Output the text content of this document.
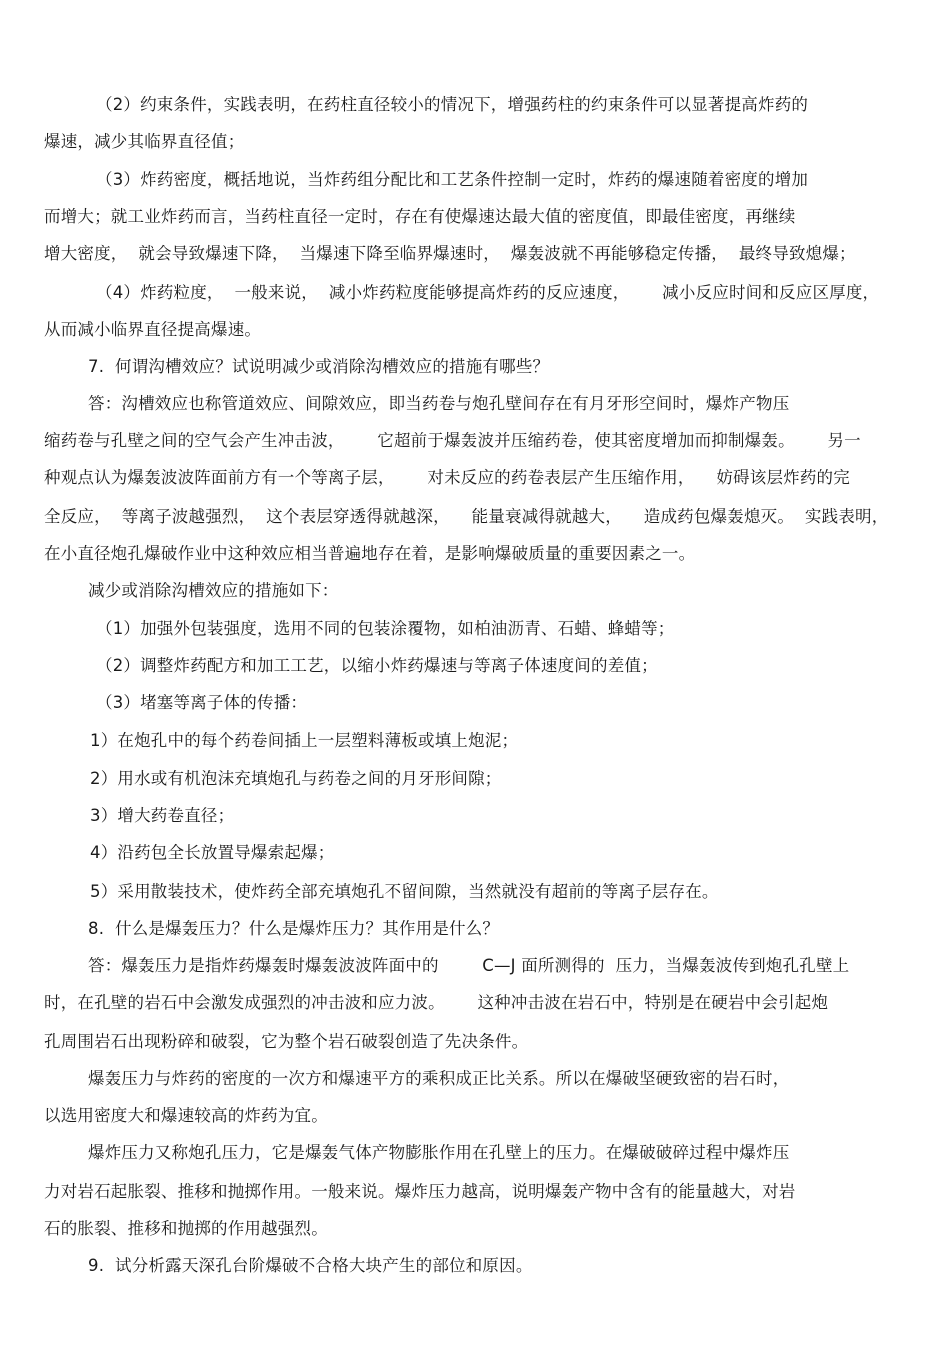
（2）约束条件，实践表明，在药柱直径较小的情况下，增强药柱的约束条件可以显著提高炸药的
爆速，减少其临界直径值；
（3）炸药密度，概括地说，当炸药组分配比和工艺条件控制一定时，炸药的爆速随着密度的增加
而增大；就工业炸药而言，当药柱直径一定时，存在有使爆速达最大值的密度值，即最佳密度，再继续
增大密度，  就会导致爆速下降，  当爆速下降至临界爆速时，  爆轰波就不再能够稳定传播，  最终导致熄爆；
（4）炸药粒度，  一般来说，  减小炸药粒度能够提高炸药的反应速度，      减小反应时间和反应区厚度，
从而减小临界直径提高爆速。
7.  何谓沟槽效应？试说明减少或消除沟槽效应的措施有哪些？
答：沟槽效应也称管道效应、间隙效应，即当药卷与炮孔壁间存在有月牙形空间时，爆炸产物压
缩药卷与孔壁之间的空气会产生冲击波，      它超前于爆轰波并压缩药卷，使其密度增加而抑制爆轰。      另一
种观点认为爆轰波波阵面前方有一个等离子层，      对未反应的药卷表层产生压缩作用，    妨碍该层炸药的完
全反应，  等离子波越强烈，  这个表层穿透得就越深，    能量衰减得就越大，    造成药包爆轰熄灭。  实践表明，
在小直径炮孔爆破作业中这种效应相当普遍地存在着，是影响爆破质量的重要因素之一。
减少或消除沟槽效应的措施如下：
（1）加强外包装强度，选用不同的包装涂覆物，如柏油沥青、石蜡、蜂蜡等；
（2）调整炸药配方和加工工艺，以缩小炸药爆速与等离子体速度间的差值；
（3）堵塞等离子体的传播：
1）在炮孔中的每个药卷间插上一层塑料薄板或填上炮泥；
2）用水或有机泡沫充填炮孔与药卷之间的月牙形间隙；
3）增大药卷直径；
4）沿药包全长放置导爆索起爆；
5）采用散装技术，使炸药全部充填炮孔不留间隙，当然就没有超前的等离子层存在。
8.  什么是爆轰压力？什么是爆炸压力？其作用是什么？
答：爆轰压力是指炸药爆轰时爆轰波波阵面中的        C—J 面所测得的  压力，当爆轰波传到炮孔孔壁上
时，在孔壁的岩石中会激发成强烈的冲击波和应力波。      这种冲击波在岩石中，特别是在硬岩中会引起炮
孔周围岩石出现粉碎和破裂，它为整个岩石破裂创造了先决条件。
爆轰压力与炸药的密度的一次方和爆速平方的乘积成正比关系。所以在爆破坚硬致密的岩石时，
以选用密度大和爆速较高的炸药为宜。
爆炸压力又称炮孔压力，它是爆轰气体产物膨胀作用在孔壁上的压力。在爆破破碎过程中爆炸压
力对岩石起胀裂、推移和抛掷作用。一般来说。爆炸压力越高，说明爆轰产物中含有的能量越大，对岩
石的胀裂、推移和抛掷的作用越强烈。
9.  试分析露天深孔台阶爆破不合格大块产生的部位和原因。
